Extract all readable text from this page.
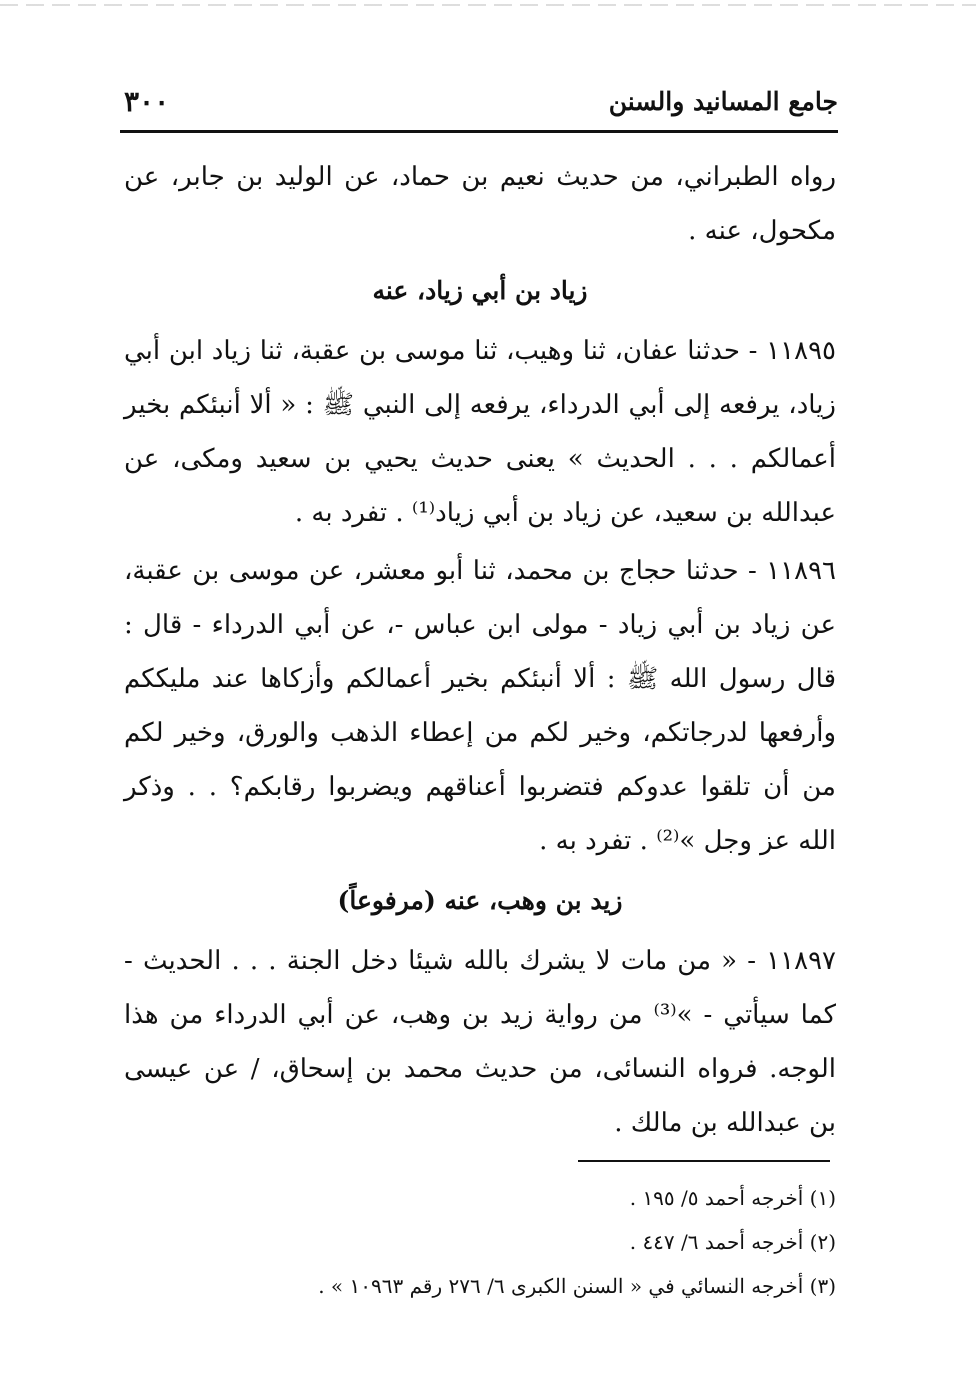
جامع المسانيد والسنن
٣٠٠

رواه الطبراني، من حديث نعيم بن حماد، عن الوليد بن جابر، عن مكحول، عنه .

زياد بن أبي زياد، عنه

١١٨٩٥ - حدثنا عفان، ثنا وهيب، ثنا موسى بن عقبة، ثنا زياد ابن أبي زياد، يرفعه إلى أبي الدرداء، يرفعه إلى النبي ﷺ : « ألا أنبئكم بخير أعمالكم . . . الحديث » يعنى حديث يحيي بن سعيد ومكى، عن عبدالله بن سعيد، عن زياد بن أبي زياد⁽¹⁾ . تفرد به .

١١٨٩٦ - حدثنا حجاج بن محمد، ثنا أبو معشر، عن موسى بن عقبة، عن زياد بن أبي زياد - مولى ابن عباس -، عن أبي الدرداء - قال : قال رسول الله ﷺ : ألا أنبئكم بخير أعمالكم وأزكاها عند مليككم وأرفعها لدرجاتكم، وخير لكم من إعطاء الذهب والورق، وخير لكم من أن تلقوا عدوكم فتضربوا أعناقهم ويضربوا رقابكم؟ . . وذكر الله عز وجل »⁽²⁾ . تفرد به .

زيد بن وهب، عنه (مرفوعاً)

١١٨٩٧ - « من مات لا يشرك بالله شيئا دخل الجنة . . . الحديث - كما سيأتي - »⁽³⁾ من رواية زيد بن وهب، عن أبي الدرداء من هذا الوجه. فرواه النسائى، من حديث محمد بن إسحاق، / عن عيسى بن عبدالله بن مالك .

(١) أخرجه أحمد ٥/ ١٩٥ .

(٢) أخرجه أحمد ٦/ ٤٤٧ .

(٣) أخرجه النسائي في « السنن الكبرى ٦/ ٢٧٦ رقم ١٠٩٦٣ » .
